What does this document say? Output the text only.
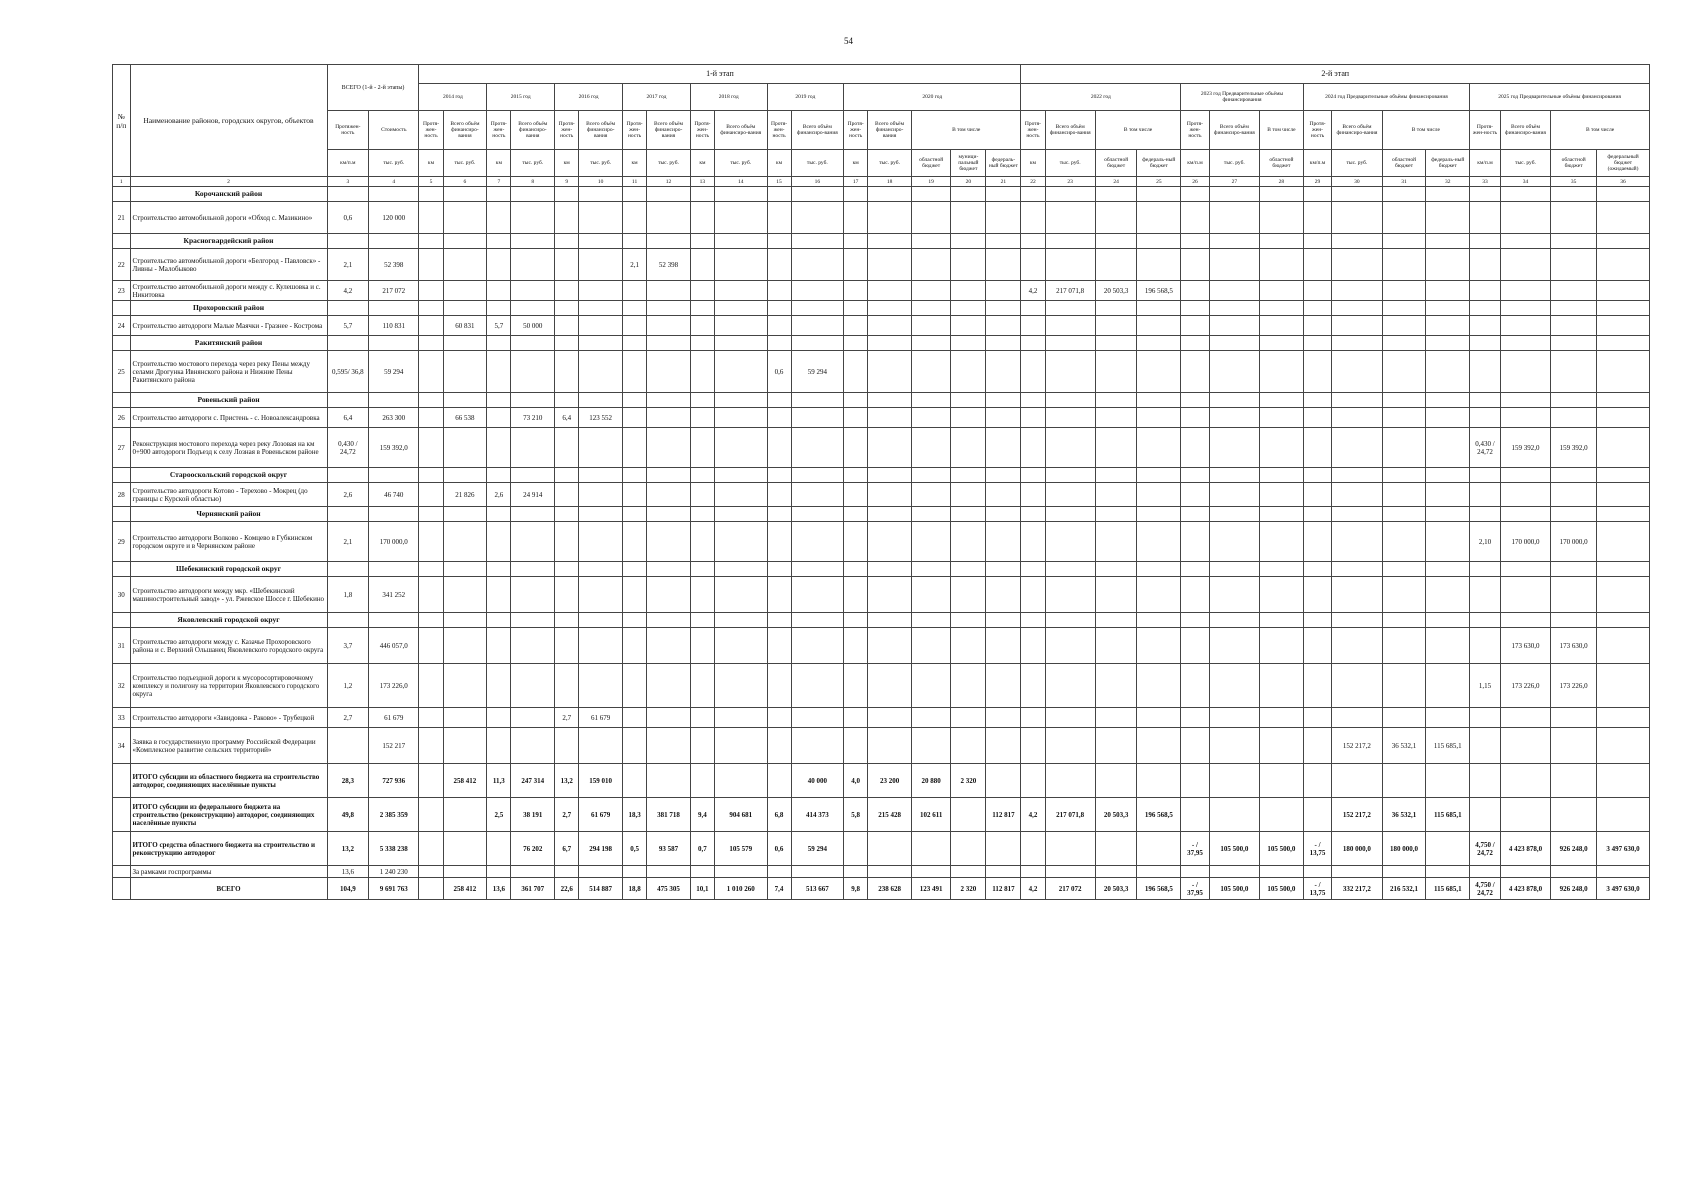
54
№ п/п	Наименование районов, городских округов, объектов	ВСЕГО (1-й - 2-й этапы)		1-й этап																	2-й этап														
				2014 год		2015 год		2016 год		2017 год		2018 год		2019 год		2020 год					2022 год				2023 год Предварительные объёмы финансирования			2024 год Предварительные объёмы финансирования				2025 год Предварительные объёмы финансирования			
		Протяжен-ность	Стоимость	Протя-жен-ность	Всего объём финансиро-вания	Протя-жен-ность	Всего объём финансиро-вания	Протя-жен-ность	Всего объём финансиро-вания	Протя-жен-ность	Всего объём финансиро-вания	Протя-жен-ность	Всего объём финансиро-вания	Протя-жен-ность	Всего объём финансиро-вания	Протя-жен-ность	Всего объём финансиро-вания	В том числе			Протя-жен-ность	Всего объём финансиро-вания	В том числе		Протя-жен-ность	Всего объём финансиро-вания	В том числе	Протя-жен-ность	Всего объём финансиро-вания	В том числе		Протя-жен-ность	Всего объём финансиро-вания	В том числе	
		км/п.м	тыс. руб.	км	тыс. руб.	км	тыс. руб.	км	тыс. руб.	км	тыс. руб.	км	тыс. руб.	км	тыс. руб.	км	тыс. руб.	областной бюджет	муници-пальный бюджет	федераль-ный бюджет	км	тыс. руб.	областной бюджет	федераль-ный бюджет	км/п.м	тыс. руб.	областной бюджет	км/п.м	тыс. руб.	областной бюджет	федераль-ный бюджет	км/п.м	тыс. руб.	областной бюджет	федеральный бюджет (ожидаемый)
1	2	3	4	5	6	7	8	9	10	11	12	13	14	15	16	17	18	19	20	21	22	23	24	25	26	27	28	29	30	31	32	33	34	35	36
	Корочанский район																																		
21	Строительство автомобильной дороги «Обход с. Мазикино»	0,6	120 000																																
	Красногвардейский район																																		
22	Строительство автомобильной дороги «Белгород - Павловск» - Ливны - Малобыково	2,1	52 398							2,1	52 398																								
23	Строительство автомобильной дороги между с. Кулешовка и с. Никитовка	4,2	217 072																		4,2	217 071,8	20 503,3	196 568,5											
	Прохоровский район																																		
24	Строительство автодороги Малые Маячки - Гразнее - Кострома	5,7	110 831		60 831	5,7	50 000																												
	Ракитянский район																																		
25	Строительство мостового перехода через реку Пены между селами Дрогунка Ивнянского района и Нижние Пены Ракитянского района	0,595/ 36,8	59 294											0,6	59 294																				
	Ровеньский район																																		
26	Строительство автодороги с. Пристень - с. Новоалександровка	6,4	263 300		66 538		73 210	6,4	123 552																										
27	Реконструкция мостового перехода через реку Лозовая на км 0+900 автодороги Подъезд к селу Лозная в Ровеньском районе	0,430 / 24,72	159 392,0																													0,430 / 24,72	159 392,0	159 392,0	
	Старооскольский городской округ																																		
28	Строительство автодороги Котово - Терехово - Мокрец (до границы с Курской областью)	2,6	46 740		21 826	2,6	24 914																												
	Чернянский район																																		
29	Строительство автодороги Волково - Комцево в Губкинском городском округе и в Чернянском районе	2,1	170 000,0																													2,10	170 000,0	170 000,0	
	Шебекинский городской округ																																		
30	Строительство автодороги между мкр. «Шебекинский машиностроительный завод» - ул. Ржевское Шоссе г. Шебекино	1,8	341 252																																
	Яковлевский городской округ																																		
31	Строительство автодороги между с. Казачье Прохоровского района и с. Верхний Ольшанец Яковлевского городского округа	3,7	446 057,0																														173 630,0	173 630,0	
32	Строительство подъездной дороги к мусоросортировочному комплексу и полигону на территории Яковлевского городского округа	1,2	173 226,0																													1,15	173 226,0	173 226,0	
33	Строительство автодороги «Завидовка - Раково» - Трубецкой	2,7	61 679					2,7	61 679																										
34	Заявка в государственную программу Российской Федерации «Комплексное развитие сельских территорий»		152 217																										152 217,2	36 532,1	115 685,1				
	ИТОГО субсидии из областного бюджета на строительство автодорог, соединяющих населённые пункты	28,3	727 936		258 412	11,3	247 314	13,2	159 010						40 000	4,0	23 200	20 880	2 320																
	ИТОГО субсидии из федерального бюджета на строительство (реконструкцию) автодорог, соединяющих населённые пункты	49,8	2 385 359			2,5	38 191	2,7	61 679	18,3	381 718	9,4	904 681	6,8	414 373	5,8	215 428	102 611		112 817	4,2	217 071,8	20 503,3	196 568,5					152 217,2	36 532,1	115 685,1				
	ИТОГО средства областного бюджета на строительство и реконструкцию автодорог	13,2	5 338 238				76 202	6,7	294 198	0,5	93 587	0,7	105 579	0,6	59 294										- / 37,95	105 500,0	105 500,0	- / 13,75	180 000,0	180 000,0		4,750 / 24,72	4 423 878,0	926 248,0	3 497 630,0
	За рамками госпрограммы	13,6	1 240 230																																
	ВСЕГО	104,9	9 691 763		258 412	13,6	361 707	22,6	514 887	18,8	475 305	10,1	1 010 260	7,4	513 667	9,8	238 628	123 491	2 320	112 817	4,2	217 072	20 503,3	196 568,5	- / 37,95	105 500,0	105 500,0	- / 13,75	332 217,2	216 532,1	115 685,1	4,750 / 24,72	4 423 878,0	926 248,0	3 497 630,0
